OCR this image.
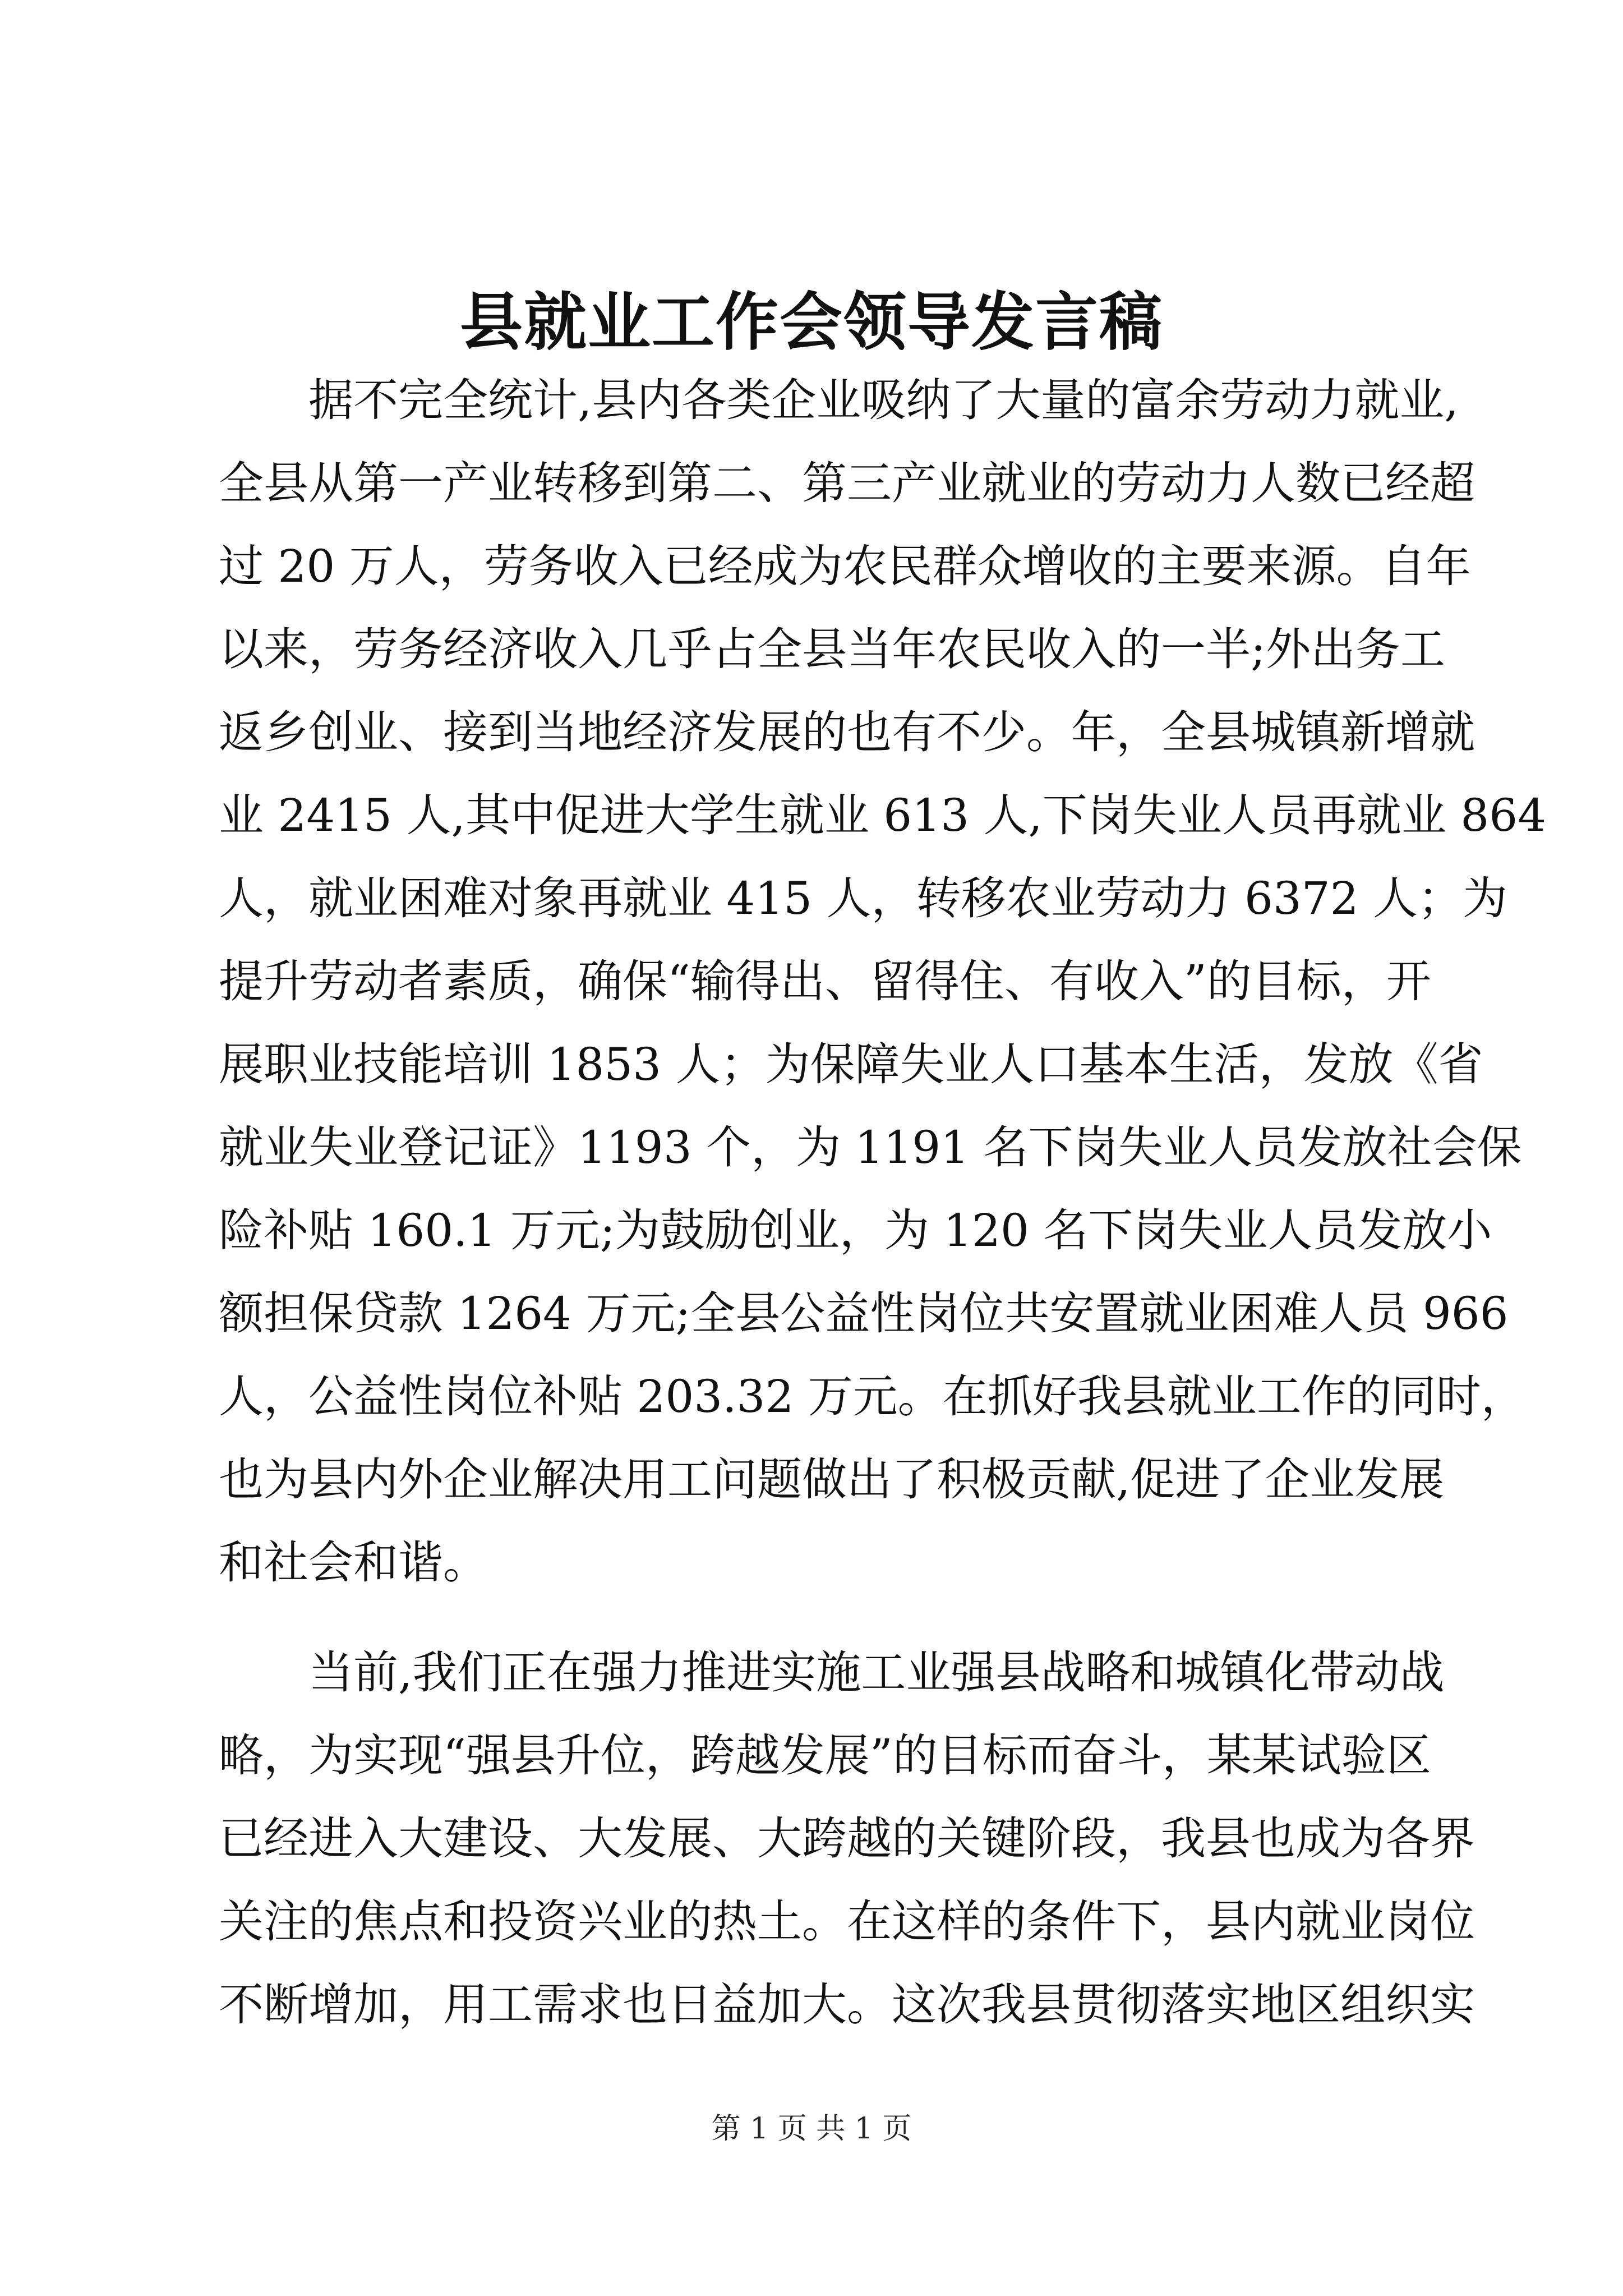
县就业工作会领导发言稿
据不完全统计,县内各类企业吸纳了大量的富余劳动力就业,
全县从第一产业转移到第二、第三产业就业的劳动力人数已经超
过 20 万人，劳务收入已经成为农民群众增收的主要来源。自年
以来，劳务经济收入几乎占全县当年农民收入的一半;外出务工
返乡创业、接到当地经济发展的也有不少。年，全县城镇新增就
业 2415 人,其中促进大学生就业 613 人,下岗失业人员再就业 864
人，就业困难对象再就业 415 人，转移农业劳动力 6372 人；为
提升劳动者素质，确保“输得出、留得住、有收入”的目标，开
展职业技能培训 1853 人；为保障失业人口基本生活，发放《省
就业失业登记证》1193 个，为 1191 名下岗失业人员发放社会保
险补贴 160.1 万元;为鼓励创业，为 120 名下岗失业人员发放小
额担保贷款 1264 万元;全县公益性岗位共安置就业困难人员 966
人，公益性岗位补贴 203.32 万元。在抓好我县就业工作的同时，
也为县内外企业解决用工问题做出了积极贡献,促进了企业发展
和社会和谐。
当前,我们正在强力推进实施工业强县战略和城镇化带动战
略，为实现“强县升位，跨越发展”的目标而奋斗，某某试验区
已经进入大建设、大发展、大跨越的关键阶段，我县也成为各界
关注的焦点和投资兴业的热土。在这样的条件下，县内就业岗位
不断增加，用工需求也日益加大。这次我县贯彻落实地区组织实
第 1 页 共 1 页
